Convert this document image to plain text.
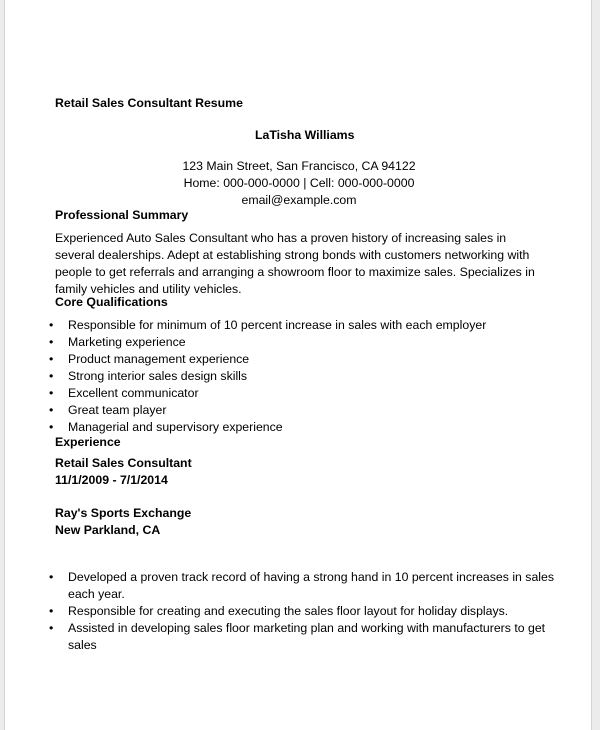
Retail Sales Consultant Resume
LaTisha Williams
123 Main Street, San Francisco, CA 94122
Home: 000-000-0000 | Cell: 000-000-0000
email@example.com
Professional Summary
Experienced Auto Sales Consultant who has a proven history of increasing sales in several dealerships. Adept at establishing strong bonds with customers networking with people to get referrals and arranging a showroom floor to maximize sales. Specializes in family vehicles and utility vehicles.
Core Qualifications
• Responsible for minimum of 10 percent increase in sales with each employer
• Marketing experience
• Product management experience
• Strong interior sales design skills
• Excellent communicator
• Great team player
• Managerial and supervisory experience
Experience
Retail Sales Consultant
11/1/2009 - 7/1/2014
Ray's Sports Exchange
New Parkland, CA
• Developed a proven track record of having a strong hand in 10 percent increases in sales each year.
• Responsible for creating and executing the sales floor layout for holiday displays.
• Assisted in developing sales floor marketing plan and working with manufacturers to get sales
